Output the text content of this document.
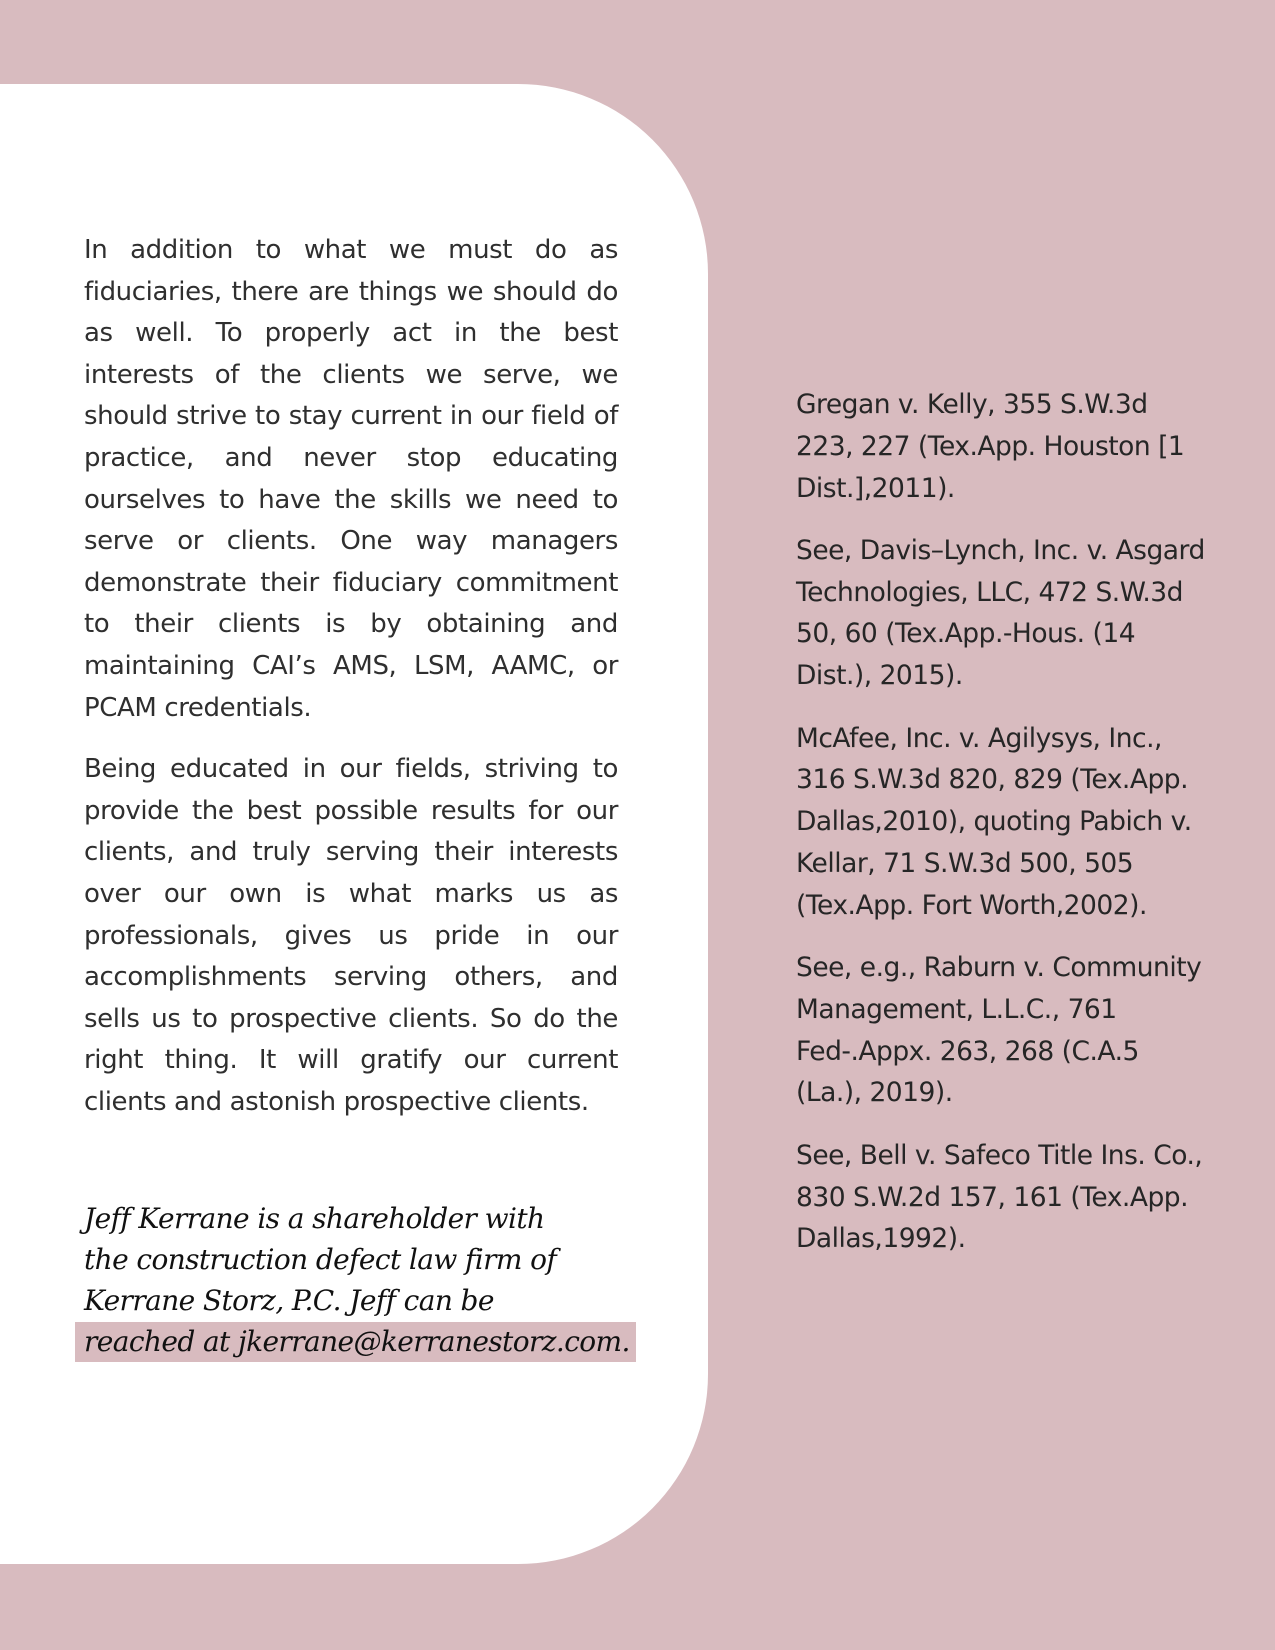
In addition to what we must do as fiduciaries, there are things we should do as well. To properly act in the best interests of the clients we serve, we should strive to stay current in our field of practice, and never stop educating ourselves to have the skills we need to serve or clients. One way managers demonstrate their fiduciary commitment to their clients is by obtaining and maintaining CAI’s AMS, LSM, AAMC, or PCAM credentials.

Being educated in our fields, striving to provide the best possible results for our clients, and truly serving their interests over our own is what marks us as professionals, gives us pride in our accomplishments serving others, and sells us to prospective clients. So do the right thing. It will gratify our current clients and astonish prospective clients.

Jeff Kerrane is a shareholder with
the construction defect law firm of
Kerrane Storz, P.C. Jeff can be
reached at jkerrane@kerranestorz.com.

Gregan v. Kelly, 355 S.W.3d 223, 227 (Tex.App. Houston [1 Dist.],2011).

See, Davis–Lynch, Inc. v. Asgard Technologies, LLC, 472 S.W.3d 50, 60 (Tex.App.-Hous. (14 Dist.), 2015).

McAfee, Inc. v. Agilysys, Inc., 316 S.W.3d 820, 829 (Tex.App. Dallas,2010), quoting Pabich v. Kellar, 71 S.W.3d 500, 505 (Tex.App. Fort Worth,2002).

See, e.g., Raburn v. Community Management, L.L.C., 761 Fed-.Appx. 263, 268 (C.A.5 (La.), 2019).

See, Bell v. Safeco Title Ins. Co., 830 S.W.2d 157, 161 (Tex.App. Dallas,1992).
